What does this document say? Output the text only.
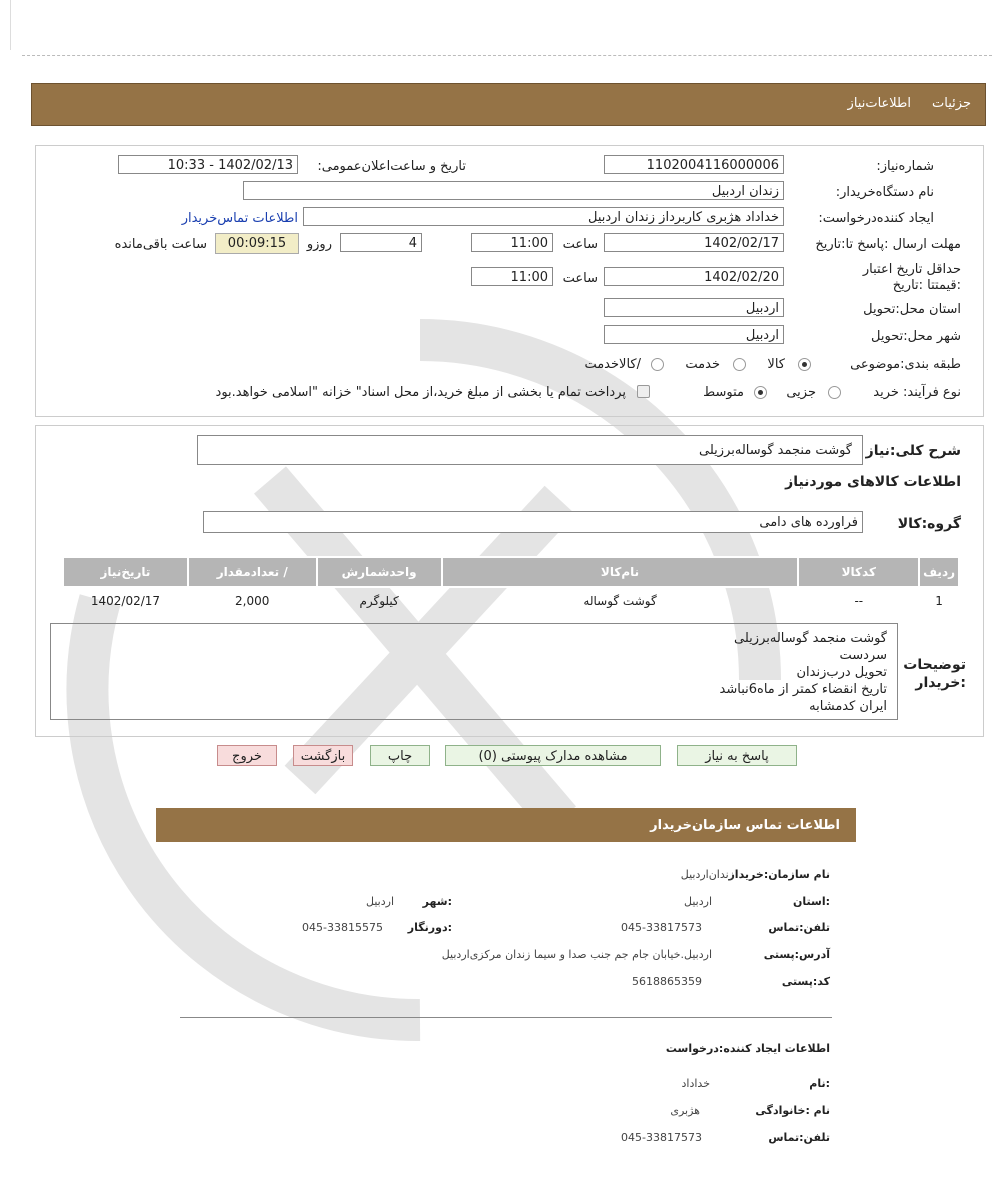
جزئیات
اطلاعات‌نیاز
شماره‌نیاز:
1102004116000006
تاریخ و ساعت‌اعلان‌عمومی:
1402/02/13 - 10:33
نام دستگاه‌خریدار:
زندان اردبیل
ایجاد کننده‌درخواست:
خداداد هژبری کاربرداز زندان اردبیل
اطلاعات تماس‌خریدار
مهلت ارسال :پاسخ تا:تاریخ
1402/02/17
ساعت
11:00
4
روزو
00:09:15
ساعت باقی‌مانده
حداقل تاریخ اعتبار :قیمتتا :تاریخ
1402/02/20
ساعت
11:00
استان محل:تحویل
اردبیل
شهر محل:تحویل
اردبیل
طبقه بندی:موضوعی
کالا
خدمت
/کالاخدمت
نوع فرآیند: خرید
جزیی
متوسط
پرداخت تمام یا بخشی از مبلغ خرید،از محل اسناد" خزانه "اسلامی خواهد.بود
شرح کلی:نیاز
گوشت منجمد گوساله‌برزیلی
اطلاعات کالاهای موردنیاز
گروه:کالا
فراورده های دامی
ردیف	کدکالا	نام‌کالا	واحدشمارش	/ تعدادمقدار	تاریخ‌نیاز
1	--	گوشت گوساله	کیلوگرم	2,000	1402/02/17
توضیحات :خریدار
گوشت منجمد گوساله‌برزیلی
سردست
تحویل درب‌زندان
تاریخ انقضاء کمتر از ماه6نباشد
ایران کدمشابه
پاسخ به نیاز
مشاهده مدارک پیوستی (0)
چاپ
بازگشت
خروج
اطلاعات تماس سازمان‌خریدار
نام سازمان:خریدار
زندان‌اردبیل
:استان
اردبیل
:شهر
اردبیل
تلفن:تماس
045-33817573
:دورنگار
045-33815575
آدرس:پستی
اردبیل.خیابان جام جم جنب صدا و سیما زندان مرکزی‌اردبیل
کد:پستی
5618865359
اطلاعات ایجاد کننده:درخواست
:نام
خداداد
نام :خانوادگی
هژبری
تلفن:تماس
045-33817573
